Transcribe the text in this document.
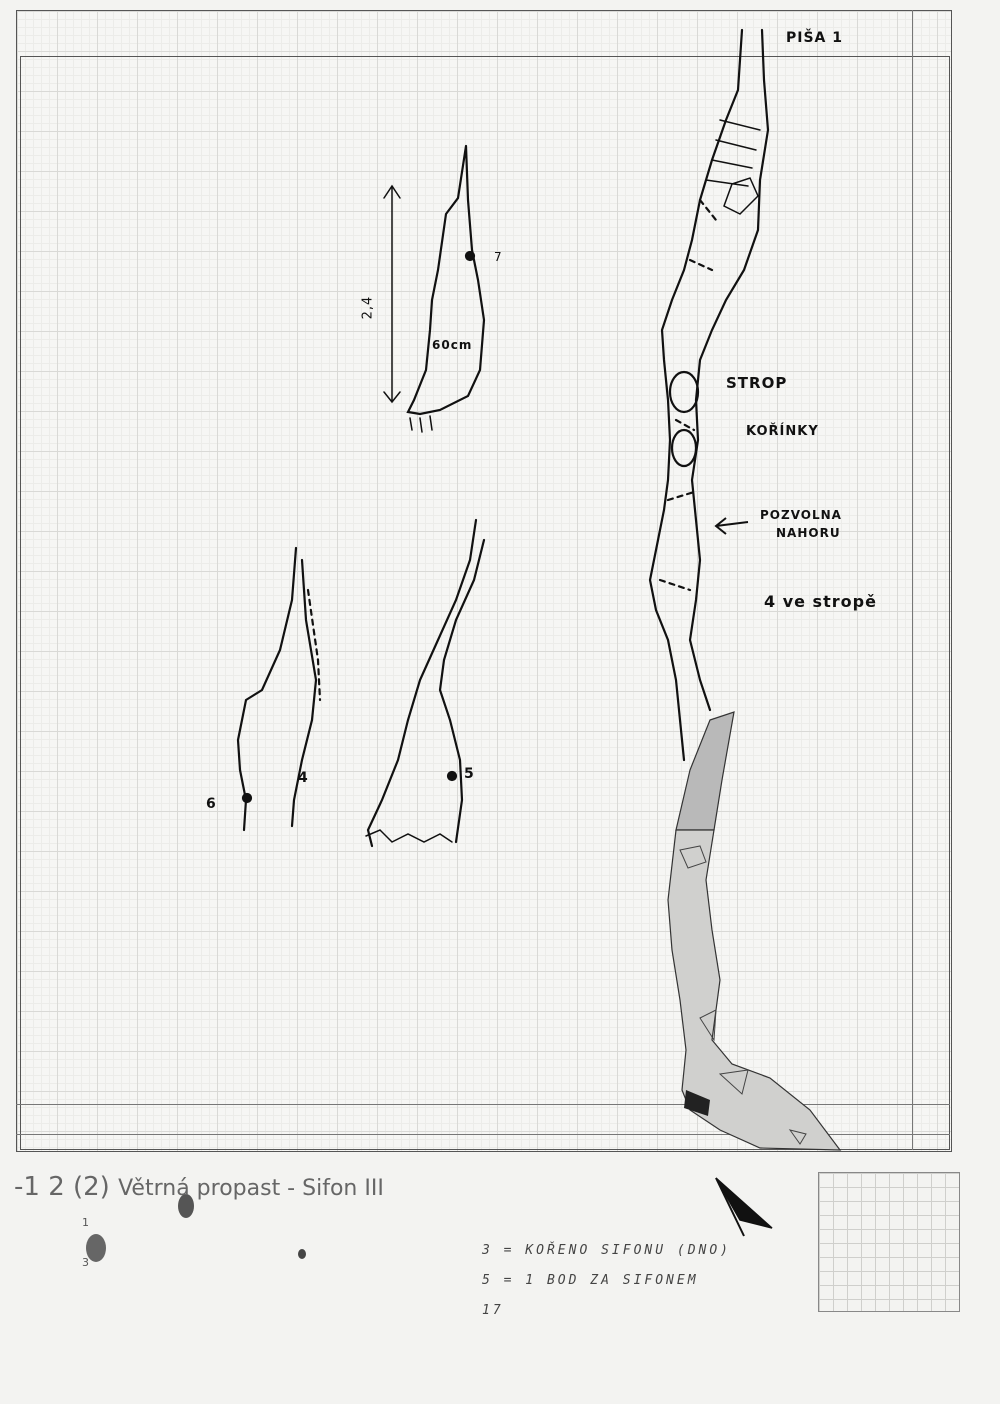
PIŠA 1
STROP
KOŘÍNKY
POZVOLNA
NAHORU
4 ve stropě
60cm
7
6
4	5
2,4
-1 2 (2) Větrná propast - Sifon III
1
3
3 = KOŘENO SIFONU (DNO)
5 = 1 BOD ZA SIFONEM
17
